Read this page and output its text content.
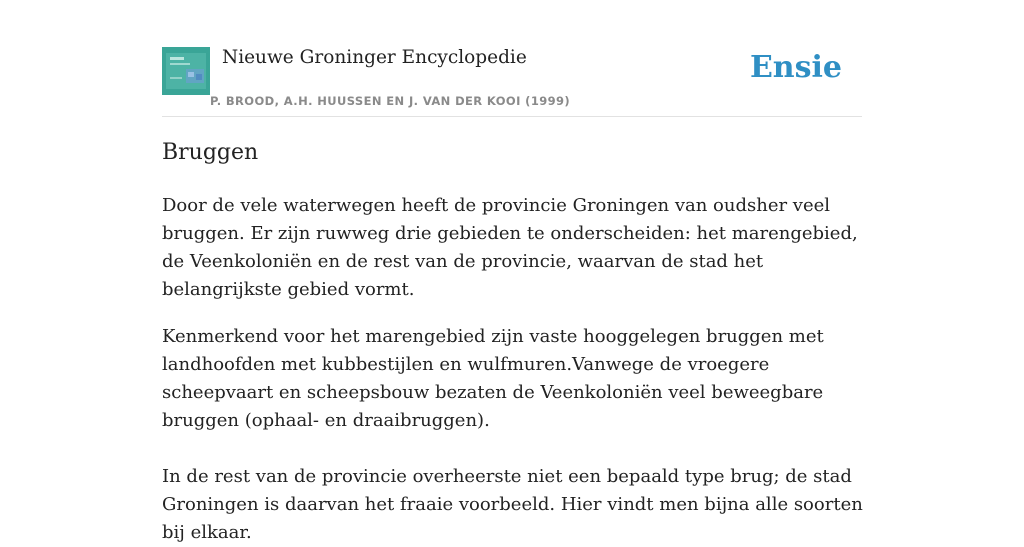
Nieuwe Groninger Encyclopedie
P. BROOD, A.H. HUUSSEN EN J. VAN DER KOOI (1999)
Ensie
Bruggen

Door de vele waterwegen heeft de provincie Groningen van oudsher veel bruggen. Er zijn ruwweg drie gebieden te onderscheiden: het marengebied, de Veenkoloniën en de rest van de provincie, waarvan de stad het belangrijkste gebied vormt.

Kenmerkend voor het marengebied zijn vaste hooggelegen bruggen met landhoofden met kubbestijlen en wulfmuren.Vanwege de vroegere scheepvaart en scheepsbouw bezaten de Veenkoloniën veel beweegbare bruggen (ophaal- en draaibruggen).

In de rest van de provincie overheerste niet een bepaald type brug; de stad Groningen is daarvan het fraaie voorbeeld. Hier vindt men bijna alle soorten bij elkaar.
